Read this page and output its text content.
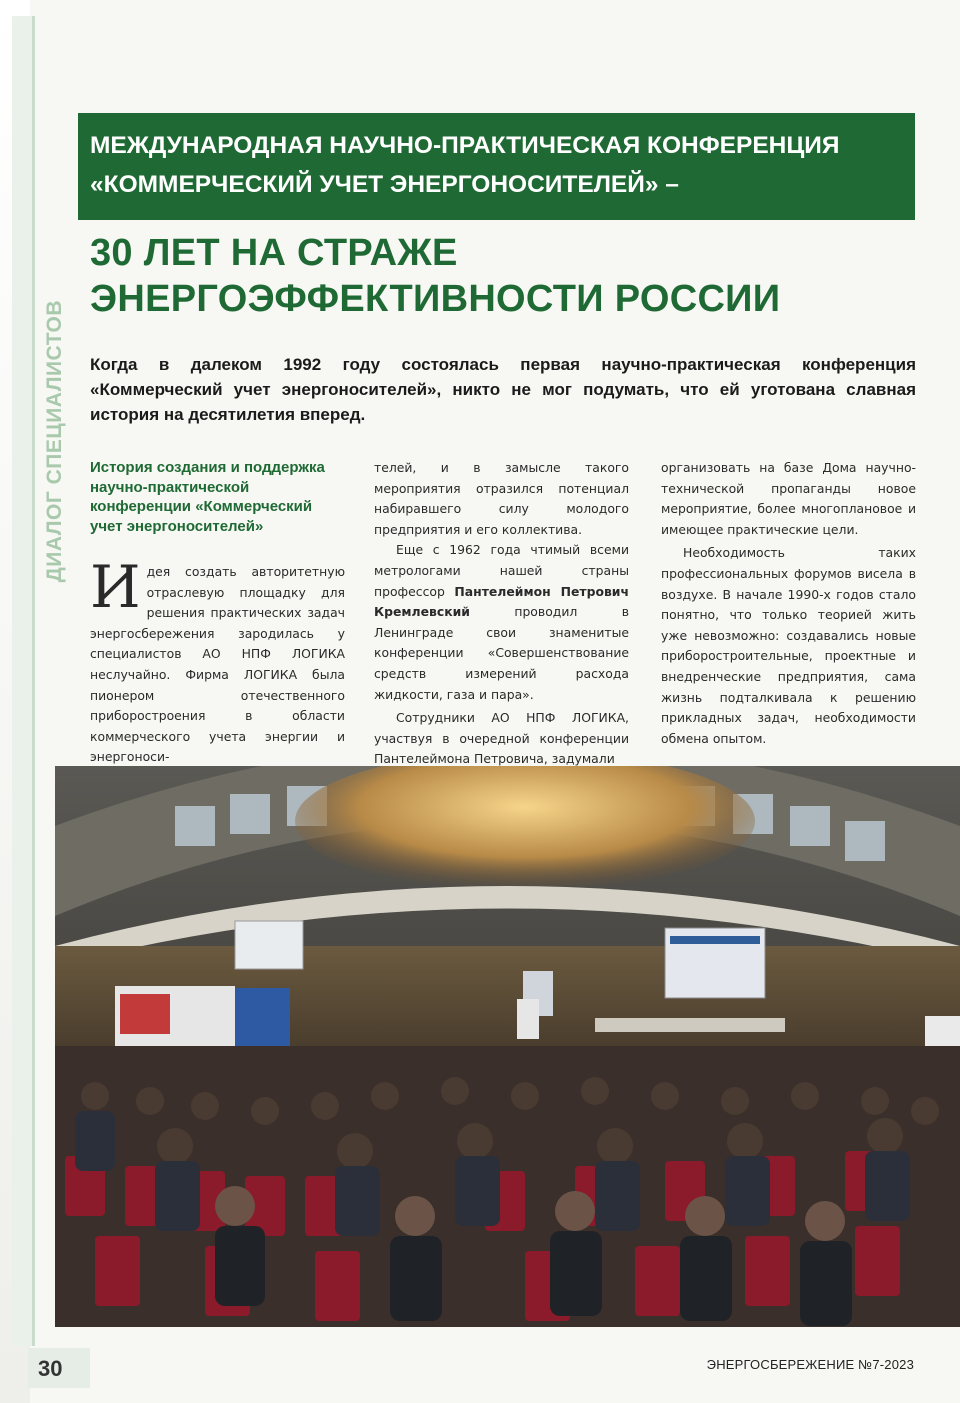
ДИАЛОГ СПЕЦИАЛИСТОВ
МЕЖДУНАРОДНАЯ НАУЧНО-ПРАКТИЧЕСКАЯ КОНФЕРЕНЦИЯ
«КОММЕРЧЕСКИЙ УЧЕТ ЭНЕРГОНОСИТЕЛЕЙ» –
30 ЛЕТ НА СТРАЖЕ
ЭНЕРГОЭФФЕКТИВНОСТИ РОССИИ
Когда в далеком 1992 году состоялась первая научно-практическая конференция «Коммерческий учет энергоносителей», никто не мог подумать, что ей уготована славная история на десятилетия вперед.
История создания и поддержка научно-практической конференции «Коммерческий учет энергоносителей»

И дея создать авторитетную отраслевую площадку для решения практических задач энергосбережения зародилась у специалистов АО НПФ ЛОГИКА неслучайно. Фирма ЛОГИКА была пионером отечественного приборостроения в области коммерческого учета энергии и энергоноси-

телей, и в замысле такого мероприятия отразился потенциал набиравшего силу молодого предприятия и его коллектива.

Еще с 1962 года чтимый всеми метрологами нашей страны профессор Пантелеймон Петрович Кремлевский проводил в Ленинграде свои знаменитые конференции «Совершенствование средств измерений расхода жидкости, газа и пара».

Сотрудники АО НПФ ЛОГИКА, участвуя в очередной конференции Пантелеймона Петровича, задумали

организовать на базе Дома научно-технической пропаганды новое мероприятие, более многоплановое и имеющее практические цели.

Необходимость таких профессиональных форумов висела в воздухе. В начале 1990-х годов стало понятно, что только теорией жить уже невозможно: создавались новые приборостроительные, проектные и внедренческие предприятия, сама жизнь подталкивала к решению прикладных задач, необходимости обмена опытом.

30	ЭНЕРГОСБЕРЕЖЕНИЕ №7-2023
